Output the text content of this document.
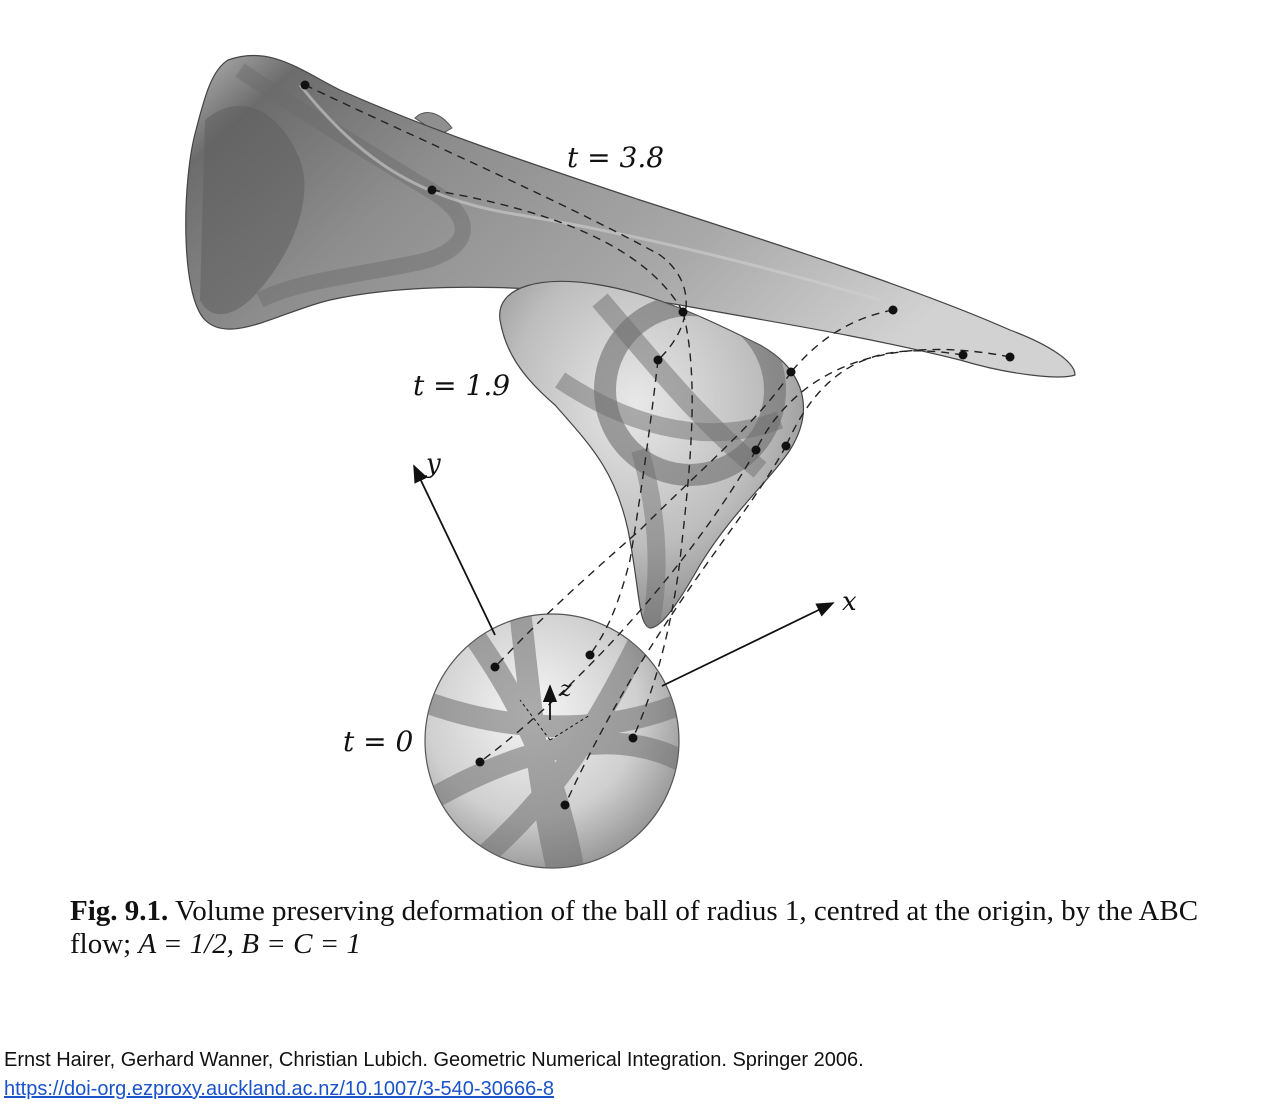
y
x
z
t = 3.8
t = 1.9
t = 0
Fig. 9.1. Volume preserving deformation of the ball of radius 1, centred at the origin, by the ABC flow; A = 1/2, B = C = 1
Ernst Hairer, Gerhard Wanner, Christian Lubich. Geometric Numerical Integration. Springer 2006.
https://doi-org.ezproxy.auckland.ac.nz/10.1007/3-540-30666-8
